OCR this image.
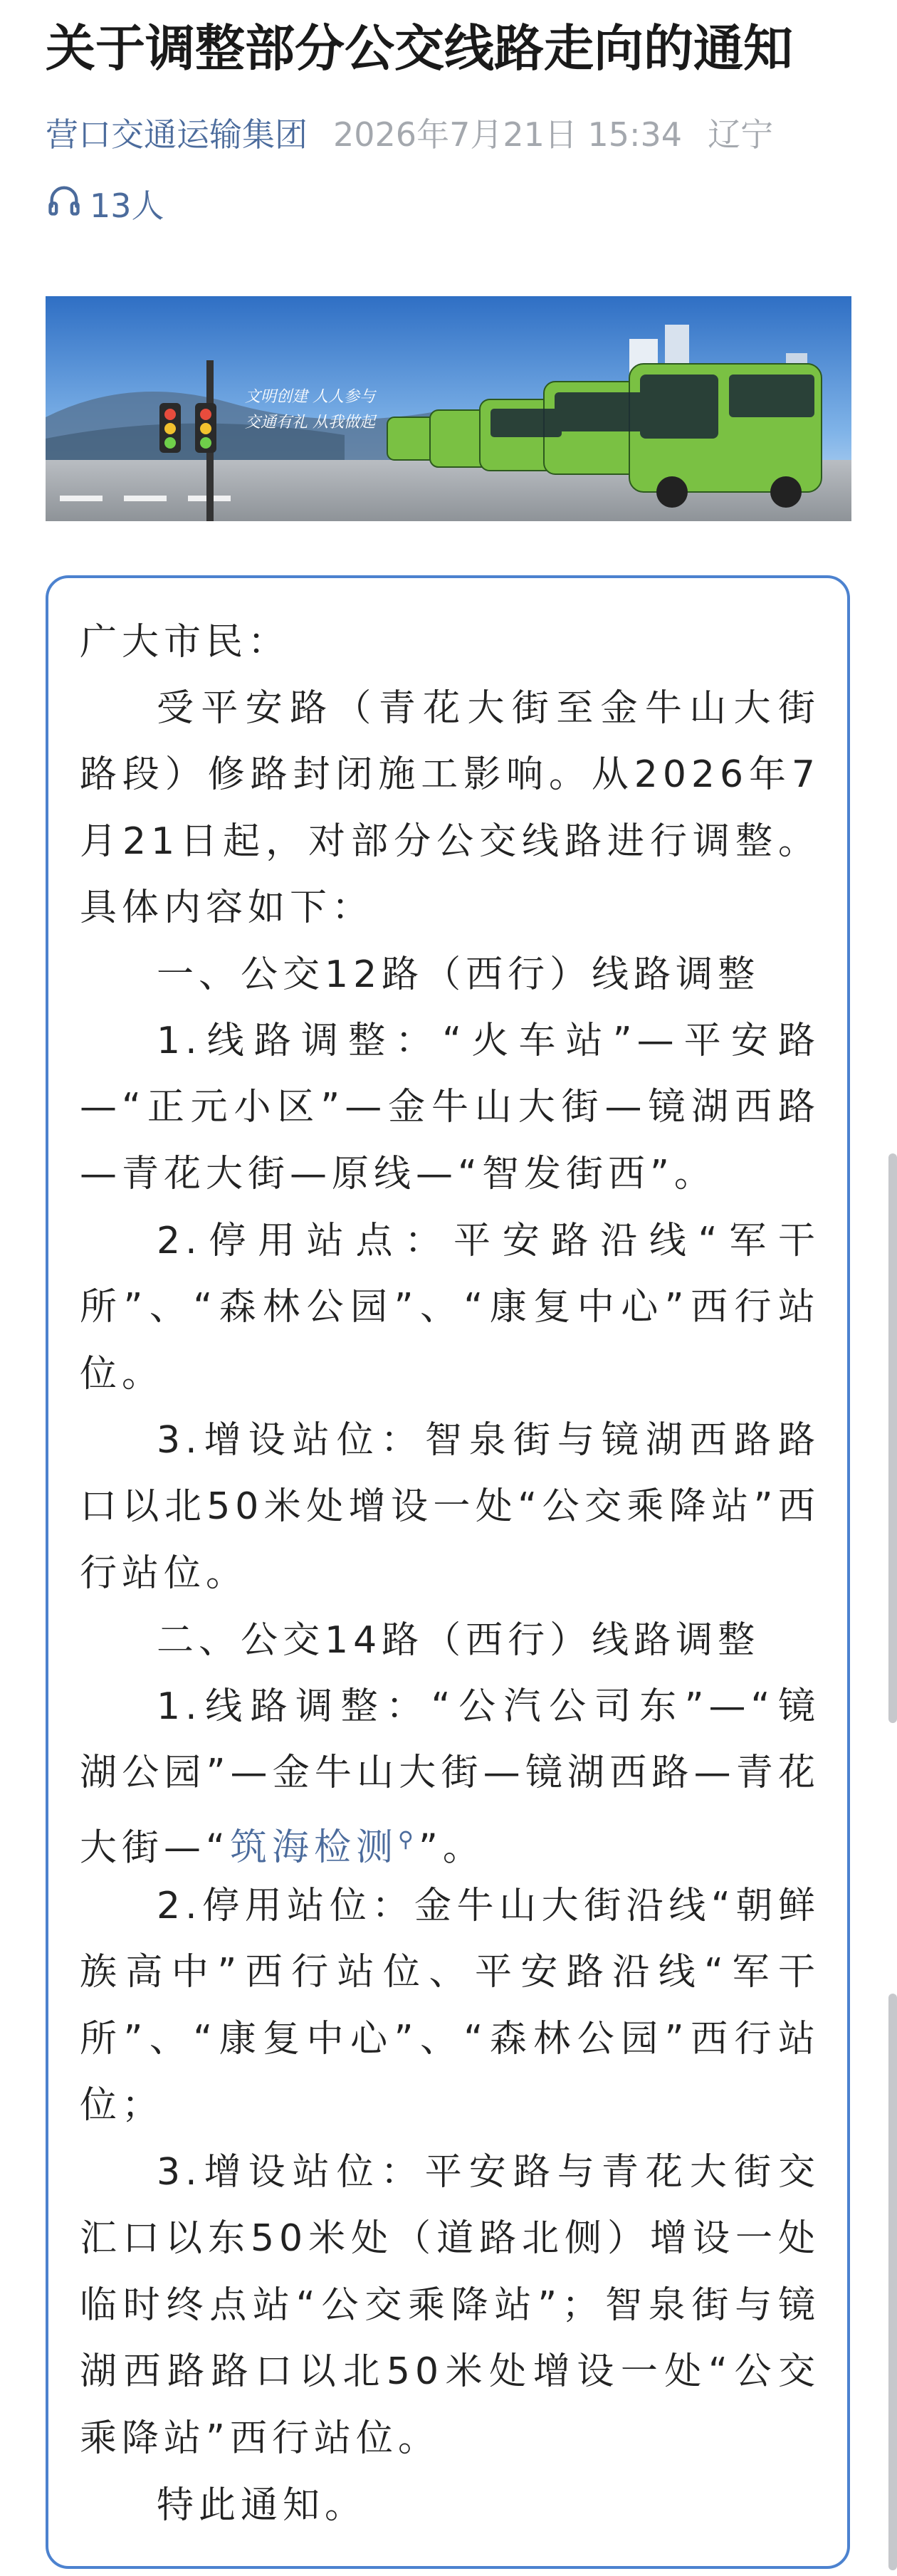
关于调整部分公交线路走向的通知
营口交通运输集团 2026年7月21日 15:34 辽宁
13人
文明创建 人人参与
交通有礼 从我做起

广大市民：

受平安路（青花大街至金牛山大街路段）修路封闭施工影响。从2026年7月21日起，对部分公交线路进行调整。具体内容如下：

一、公交12路（西行）线路调整

1.线路调整：“火车站”—平安路—“正元小区”—金牛山大街—镜湖西路—青花大街—原线—“智发街西”。

2.停用站点：平安路沿线“军干所”、“森林公园”、“康复中心”西行站位。

3.增设站位：智泉街与镜湖西路路口以北50米处增设一处“公交乘降站”西行站位。

二、公交14路（西行）线路调整

1.线路调整：“公汽公司东”—“镜湖公园”—金牛山大街—镜湖西路—青花大街—“筑海检测⚲”。

2.停用站位：金牛山大街沿线“朝鲜族高中”西行站位、平安路沿线“军干所”、“康复中心”、“森林公园”西行站位；

3.增设站位：平安路与青花大街交汇口以东50米处（道路北侧）增设一处临时终点站“公交乘降站”；智泉街与镜湖西路路口以北50米处增设一处“公交乘降站”西行站位。

特此通知。
